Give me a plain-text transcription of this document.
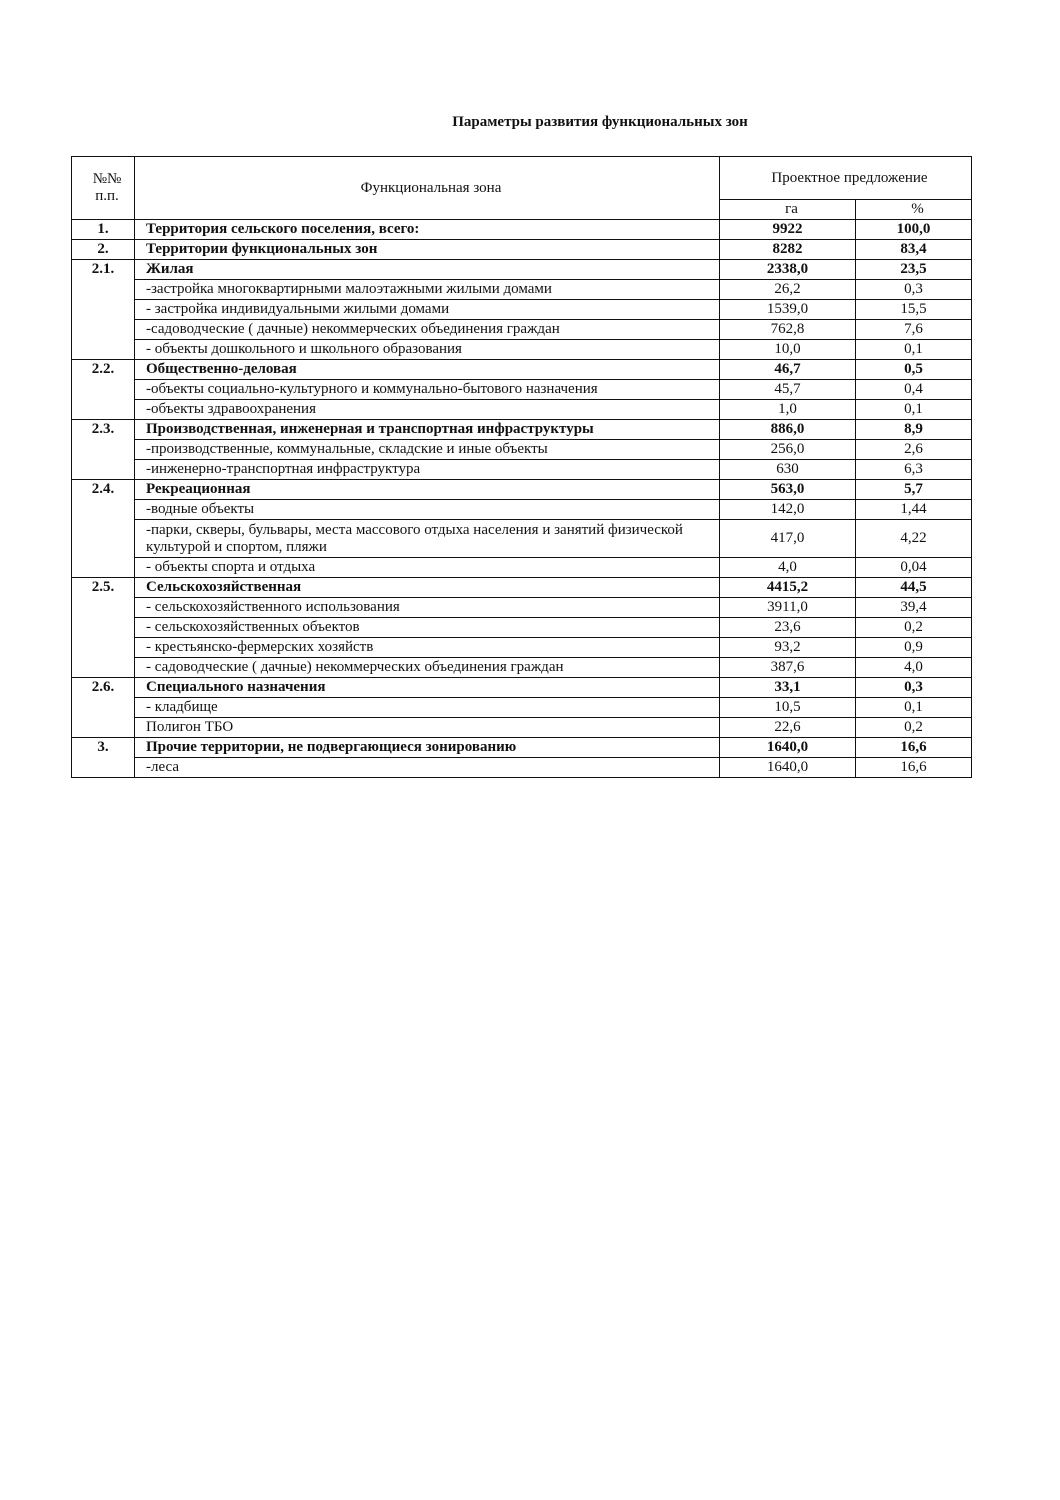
Параметры развития функциональных зон
№№ п.п.	Функциональная зона	Проектное предложение	
		га	%
1.	Территория сельского поселения, всего:	9922	100,0
2.	Территории функциональных зон	8282	83,4
2.1.	Жилая	2338,0	23,5
	-застройка многоквартирными малоэтажными жилыми домами	26,2	0,3
	- застройка индивидуальными жилыми домами	1539,0	15,5
	-садоводческие ( дачные) некоммерческих объединения граждан	762,8	7,6
	- объекты дошкольного и школьного образования	10,0	0,1
2.2.	Общественно-деловая	46,7	0,5
	-объекты социально-культурного и коммунально-бытового назначения	45,7	0,4
	-объекты здравоохранения	1,0	0,1
2.3.	Производственная, инженерная и транспортная инфраструктуры	886,0	8,9
	-производственные, коммунальные, складские и иные объекты	256,0	2,6
	-инженерно-транспортная инфраструктура	630	6,3
2.4.	Рекреационная	563,0	5,7
	-водные объекты	142,0	1,44
	-парки, скверы, бульвары, места массового отдыха населения и занятий физической культурой и спортом, пляжи	417,0	4,22
	- объекты спорта и отдыха	4,0	0,04
2.5.	Сельскохозяйственная	4415,2	44,5
	- сельскохозяйственного использования	3911,0	39,4
	- сельскохозяйственных объектов	23,6	0,2
	- крестьянско-фермерских хозяйств	93,2	0,9
	- садоводческие ( дачные) некоммерческих объединения граждан	387,6	4,0
2.6.	Специального назначения	33,1	0,3
	- кладбище	10,5	0,1
	Полигон ТБО	22,6	0,2
3.	Прочие территории, не подвергающиеся зонированию	1640,0	16,6
	-леса	1640,0	16,6
